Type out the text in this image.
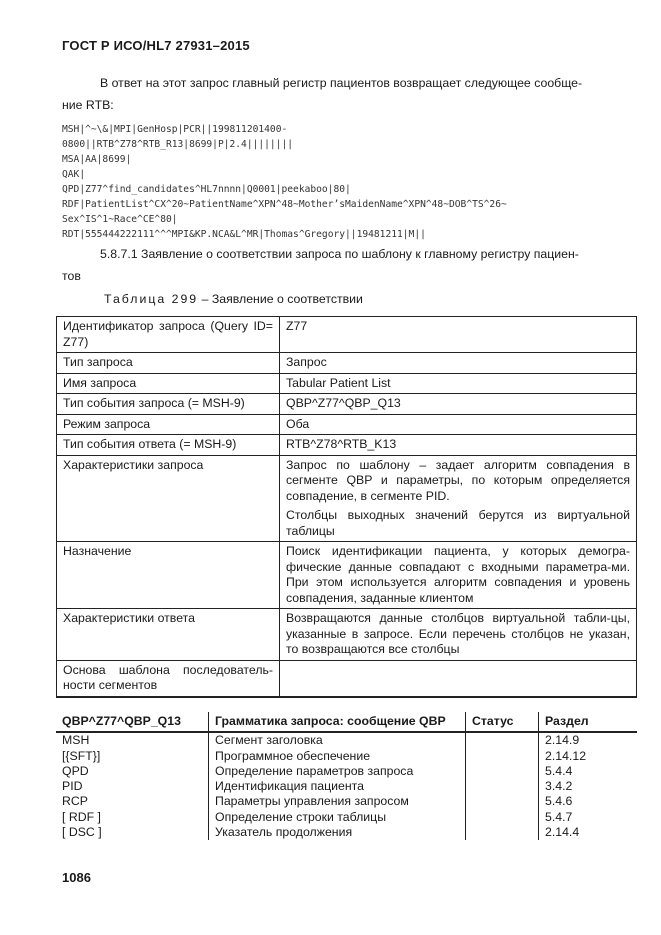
ГОСТ Р ИСО/HL7 27931–2015
В ответ на этот запрос главный регистр пациентов возвращает следующее сообще-
ние RTB:
MSH|^~\&|MPI|GenHosp|PCR||199811201400-
0800||RTB^Z78^RTB_R13|8699|P|2.4||||||||
MSA|AA|8699|
QAK|
QPD|Z77^find_candidates^HL7nnnn|Q0001|peekaboo|80|
RDF|PatientList^CX^20~PatientName^XPN^48~Mother’sMaidenName^XPN^48~DOB^TS^26~
Sex^IS^1~Race^CE^80|
RDT|555444222111^^^MPI&KP.NCA&L^MR|Thomas^Gregory||19481211|M||
5.8.7.1 Заявление о соответствии запроса по шаблону к главному регистру пациен-
тов
Таблица 299 – Заявление о соответствии
Идентификатор запроса (Query ID= Z77)	Z77

Тип запроса	Запрос

Имя запроса	Tabular Patient List

Тип события запроса (= MSH-9)	QBP^Z77^QBP_Q13

Режим запроса	Оба

Тип события ответа (= MSH-9)	RTB^Z78^RTB_K13

Характеристики запроса	Запрос по шаблону – задает алгоритм совпадения в сегменте QBP и параметры, по которым определяется совпадение, в сегменте PID.
Столбцы выходных значений берутся из виртуальной таблицы

Назначение	Поиск идентификации пациента, у которых демогра-фические данные совпадают с входными параметра-ми. При этом используется алгоритм совпадения и уровень совпадения, заданные клиентом

Характеристики ответа	Возвращаются данные столбцов виртуальной табли-цы, указанные в запросе. Если перечень столбцов не указан, то возвращаются все столбцы

Основа шаблона последователь-ности сегментов	

QBP^Z77^QBP_Q13	Грамматика запроса: сообщение QBP	Статус	Раздел
MSH	Сегмент заголовка		2.14.9
[{SFT}]	Программное обеспечение		2.14.12
QPD	Определение параметров запроса		5.4.4
PID	Идентификация пациента		3.4.2
RCP	Параметры управления запросом		5.4.6
[ RDF ]	Определение строки таблицы		5.4.7
[ DSC ]	Указатель продолжения		2.14.4
1086
